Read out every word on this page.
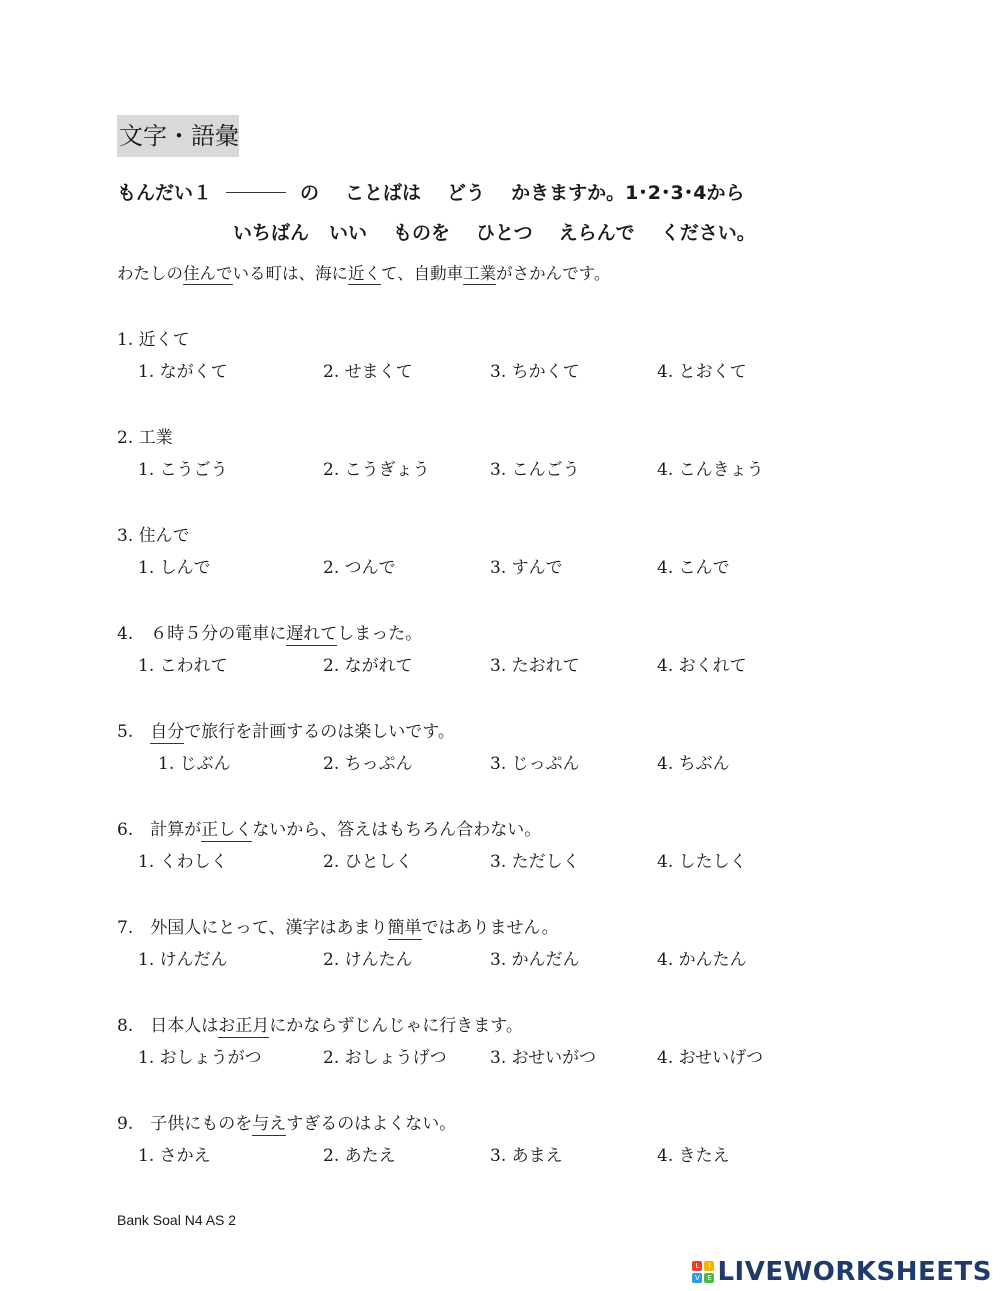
文字・語彙
もんだい１	の ことばは どう かきますか。1･2･3･4から
いちばん いい ものを ひとつ えらんで ください。
わたしの住んでいる町は、海に近くて、自動車工業がさかんです。
1. 近くて
1. ながくて	2. せまくて	3. ちかくて	4. とおくて
2. 工業
1. こうごう	2. こうぎょう	3. こんごう	4. こんきょう
3. 住んで
1. しんで	2. つんで	3. すんで	4. こんで
4.　６時５分の電車に遅れてしまった。
1. こわれて	2. ながれて	3. たおれて	4. おくれて
5.　自分で旅行を計画するのは楽しいです。
1. じぶん	2. ちっぷん	3. じっぷん	4. ちぶん
6.　計算が正しくないから、答えはもちろん合わない。
1. くわしく	2. ひとしく	3. ただしく	4. したしく
7.　外国人にとって、漢字はあまり簡単ではありません。
1. けんだん	2. けんたん	3. かんだん	4. かんたん
8.　日本人はお正月にかならずじんじゃに行きます。
1. おしょうがつ	2. おしょうげつ	3. おせいがつ	4. おせいげつ
9.　子供にものを与えすぎるのはよくない。
1. さかえ	2. あたえ	3. あまえ	4. きたえ
Bank Soal N4 AS 2
L	I
V	E LIVEWORKSHEETS
